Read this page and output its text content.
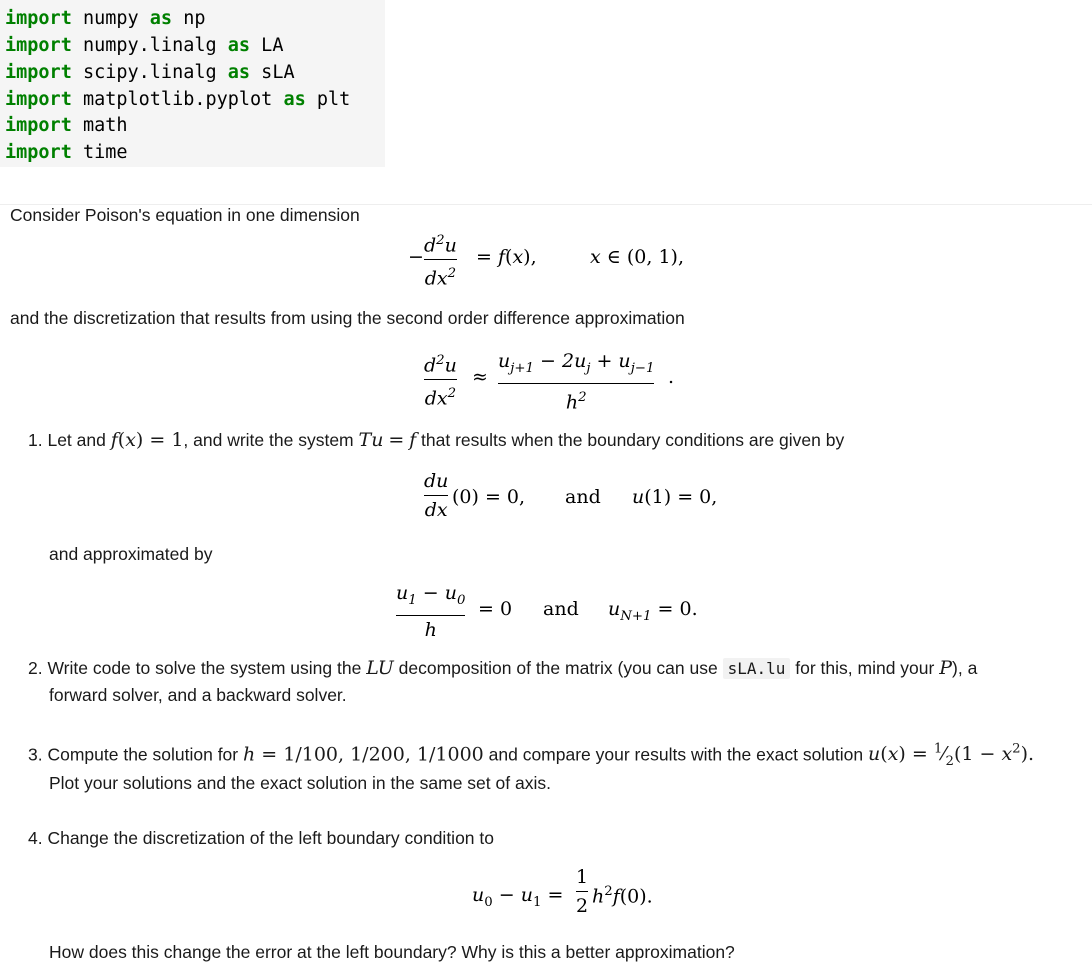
import numpy as np
import numpy.linalg as LA
import scipy.linalg as sLA
import matplotlib.pyplot as plt
import math
import time
Consider Poison's equation in one dimension
−
$d^2u$
$dx^2$
= f(x),	x ∈ (0, 1),
and the discretization that results from using the second order difference approximation
$d^2u$
$dx^2$
≈
$u_{j+1} - 2u_j + u_{j-1}$
$h^2$
.
1. Let and f(x) = 1, and write the system Tu = f that results when the boundary conditions are given by
du
dx
(0) = 0, and u(1) = 0,
and approximated by
$u_1 - u_0$
h
= 0 and $u_{N+1} = 0$.
2. Write code to solve the system using the LU decomposition of the matrix (you can use sLA.lu for this, mind your P), a
forward solver, and a backward solver.
3. Compute the solution for h = 1/100, 1/200, 1/1000 and compare your results with the exact solution $u(x) = ^1⁄_2(1 - x^2)$.
Plot your solutions and the exact solution in the same set of axis.
4. Change the discretization of the left boundary condition to
$u_0 - u_1$ =
1
2 $h^2f(0)$.
How does this change the error at the left boundary? Why is this a better approximation?
